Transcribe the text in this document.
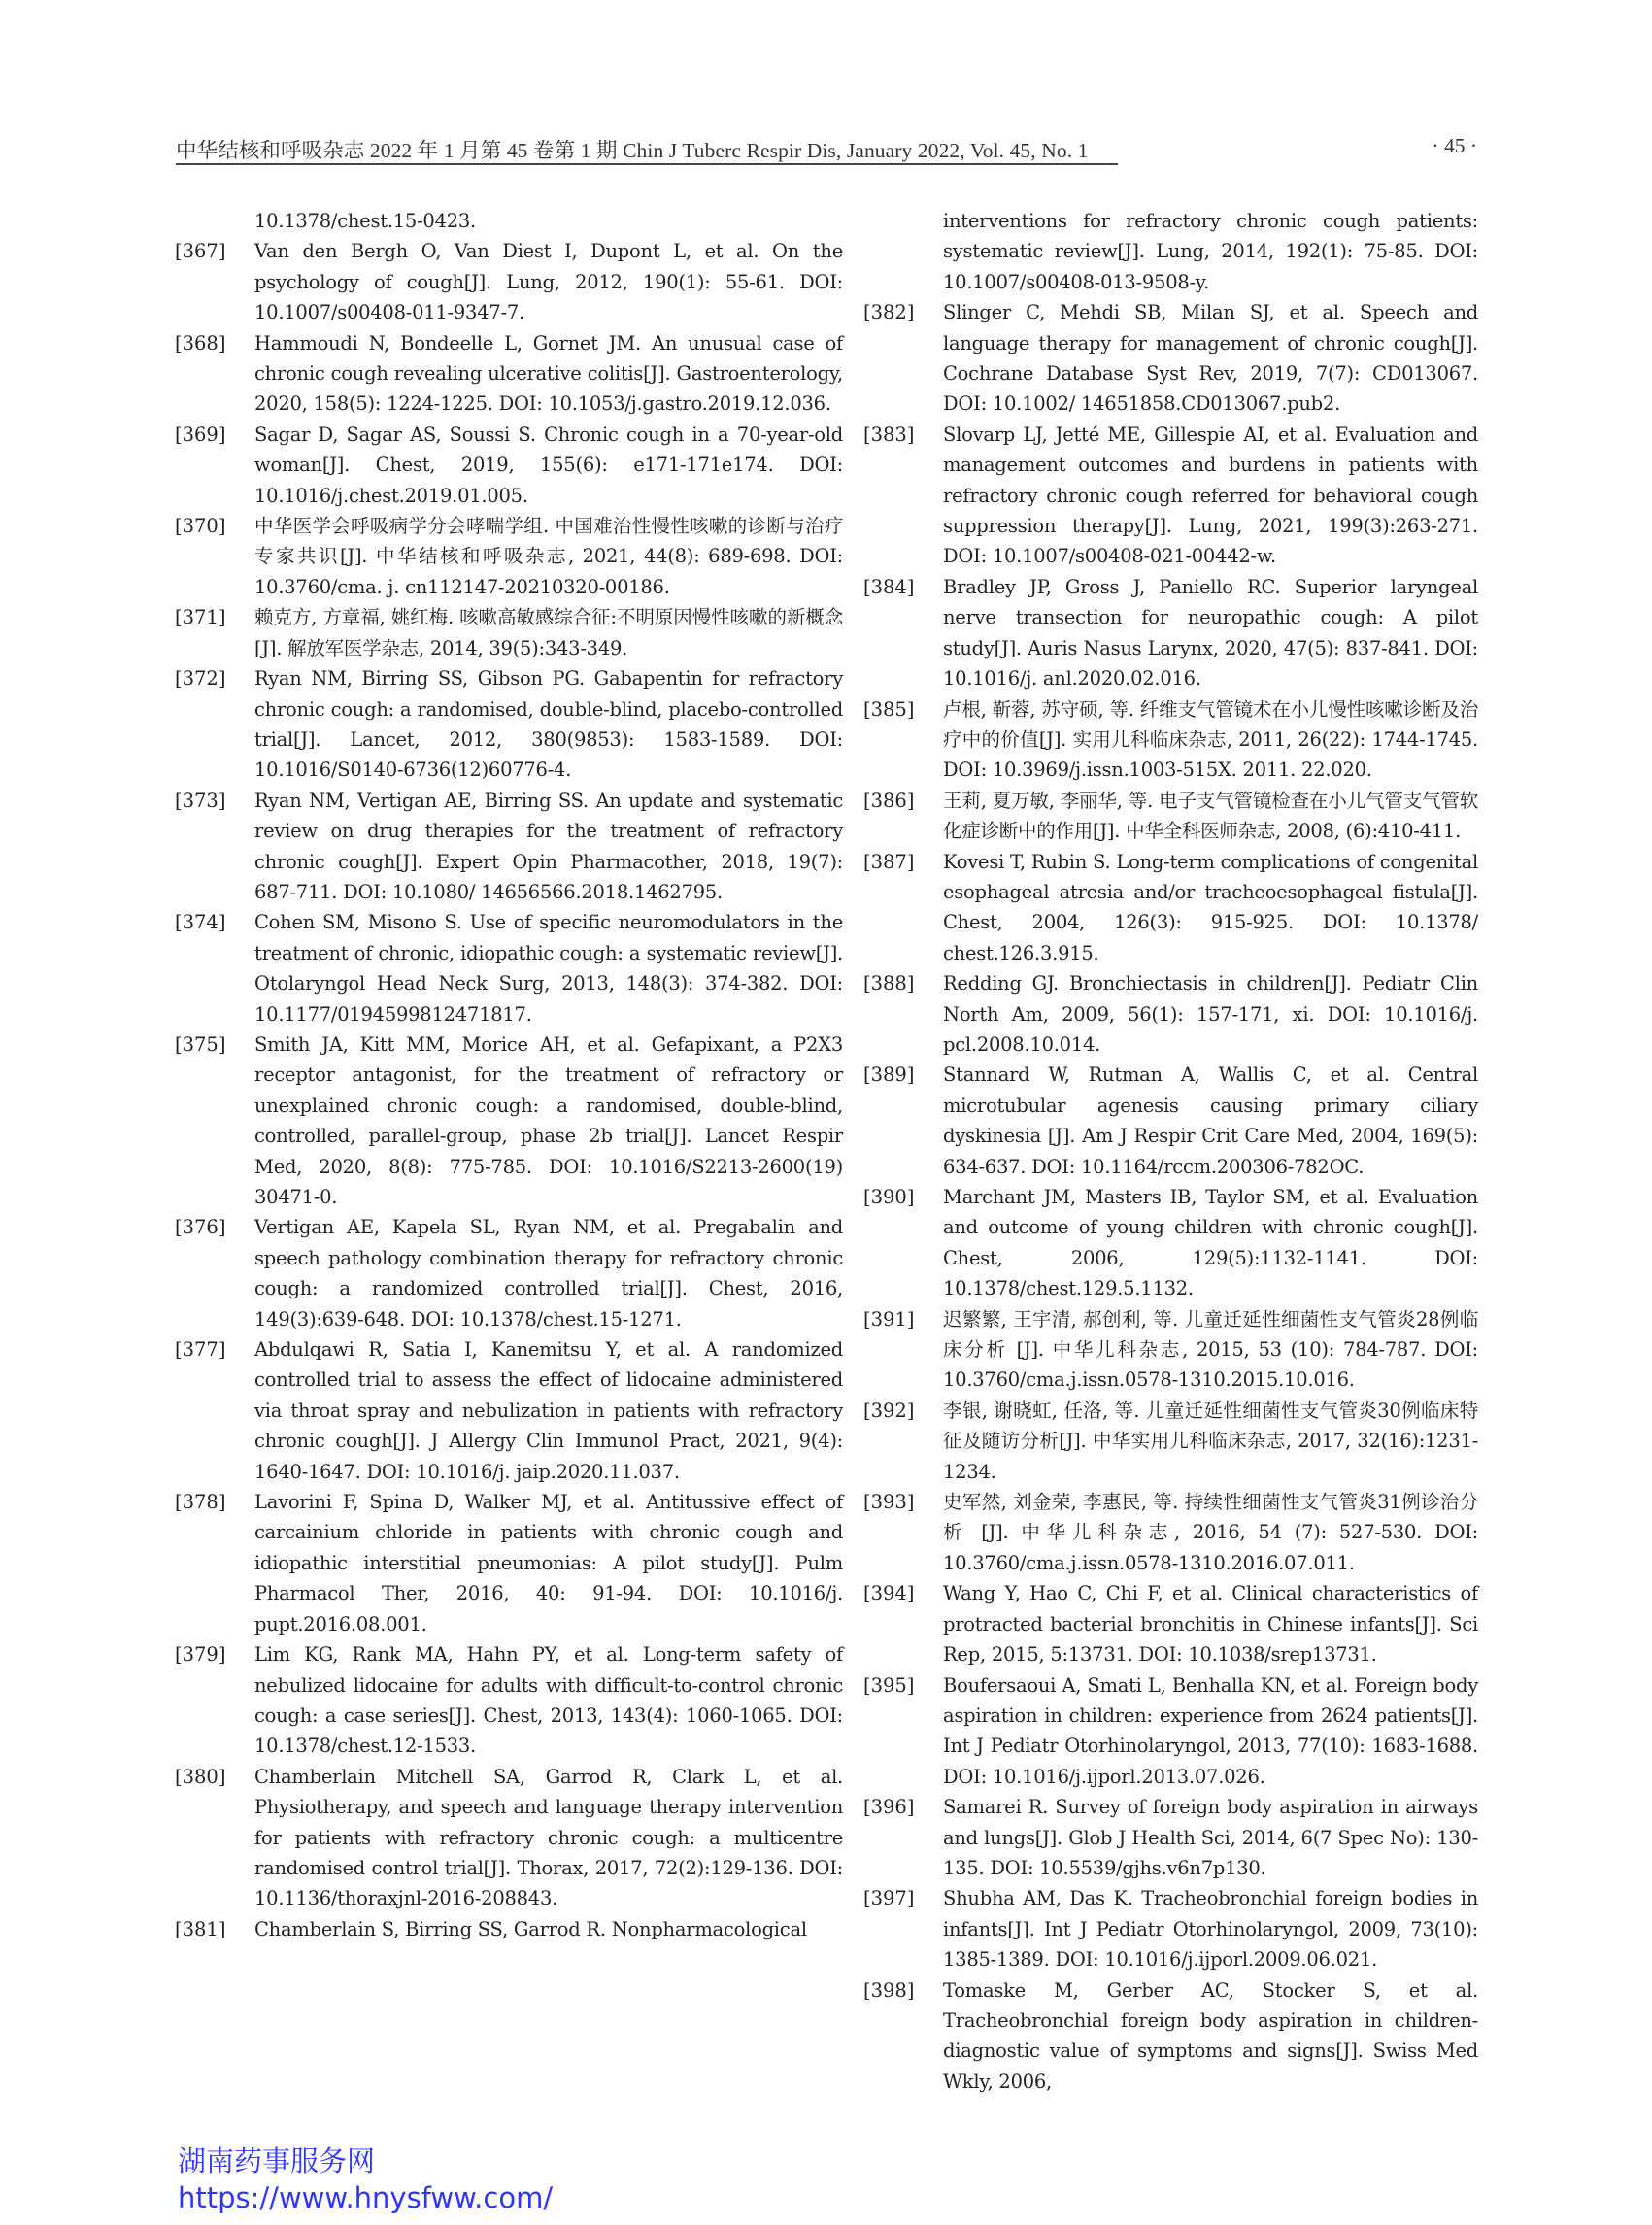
中华结核和呼吸杂志 2022 年 1 月第 45 卷第 1 期 Chin J Tuberc Respir Dis, January 2022, Vol. 45, No. 1	· 45 ·
10.1378/chest.15-0423.
[367] Van den Bergh O, Van Diest I, Dupont L, et al. On the psychology of cough[J]. Lung, 2012, 190(1): 55-61. DOI: 10.1007/s00408-011-9347-7.
[368] Hammoudi N, Bondeelle L, Gornet JM. An unusual case of chronic cough revealing ulcerative colitis[J]. Gastroenterology, 2020, 158(5): 1224-1225. DOI: 10.1053/j.gastro.2019.12.036.
[369] Sagar D, Sagar AS, Soussi S. Chronic cough in a 70-year-old woman[J]. Chest, 2019, 155(6): e171-171e174. DOI: 10.1016/j.chest.2019.01.005.
[370] 中华医学会呼吸病学分会哮喘学组. 中国难治性慢性咳嗽的诊断与治疗专家共识[J]. 中华结核和呼吸杂志, 2021, 44(8): 689-698. DOI: 10.3760/cma. j. cn112147-20210320-00186.
[371] 赖克方, 方章福, 姚红梅. 咳嗽高敏感综合征:不明原因慢性咳嗽的新概念[J]. 解放军医学杂志, 2014, 39(5):343-349.
[372] Ryan NM, Birring SS, Gibson PG. Gabapentin for refractory chronic cough: a randomised, double-blind, placebo-controlled trial[J]. Lancet, 2012, 380(9853): 1583-1589. DOI: 10.1016/S0140-6736(12)60776-4.
[373] Ryan NM, Vertigan AE, Birring SS. An update and systematic review on drug therapies for the treatment of refractory chronic cough[J]. Expert Opin Pharmacother, 2018, 19(7): 687-711. DOI: 10.1080/ 14656566.2018.1462795.
[374] Cohen SM, Misono S. Use of specific neuromodulators in the treatment of chronic, idiopathic cough: a systematic review[J]. Otolaryngol Head Neck Surg, 2013, 148(3): 374-382. DOI: 10.1177/0194599812471817.
[375] Smith JA, Kitt MM, Morice AH, et al. Gefapixant, a P2X3 receptor antagonist, for the treatment of refractory or unexplained chronic cough: a randomised, double-blind, controlled, parallel-group, phase 2b trial[J]. Lancet Respir Med, 2020, 8(8): 775-785. DOI: 10.1016/S2213-2600(19) 30471-0.
[376] Vertigan AE, Kapela SL, Ryan NM, et al. Pregabalin and speech pathology combination therapy for refractory chronic cough: a randomized controlled trial[J]. Chest, 2016, 149(3):639-648. DOI: 10.1378/chest.15-1271.
[377] Abdulqawi R, Satia I, Kanemitsu Y, et al. A randomized controlled trial to assess the effect of lidocaine administered via throat spray and nebulization in patients with refractory chronic cough[J]. J Allergy Clin Immunol Pract, 2021, 9(4): 1640-1647. DOI: 10.1016/j. jaip.2020.11.037.
[378] Lavorini F, Spina D, Walker MJ, et al. Antitussive effect of carcainium chloride in patients with chronic cough and idiopathic interstitial pneumonias: A pilot study[J]. Pulm Pharmacol Ther, 2016, 40: 91-94. DOI: 10.1016/j. pupt.2016.08.001.
[379] Lim KG, Rank MA, Hahn PY, et al. Long-term safety of nebulized lidocaine for adults with difficult-to-control chronic cough: a case series[J]. Chest, 2013, 143(4): 1060-1065. DOI: 10.1378/chest.12-1533.
[380] Chamberlain Mitchell SA, Garrod R, Clark L, et al. Physiotherapy, and speech and language therapy intervention for patients with refractory chronic cough: a multicentre randomised control trial[J]. Thorax, 2017, 72(2):129-136. DOI: 10.1136/thoraxjnl-2016-208843.
[381] Chamberlain S, Birring SS, Garrod R. Nonpharmacological
interventions for refractory chronic cough patients: systematic review[J]. Lung, 2014, 192(1): 75-85. DOI: 10.1007/s00408-013-9508-y.
[382] Slinger C, Mehdi SB, Milan SJ, et al. Speech and language therapy for management of chronic cough[J]. Cochrane Database Syst Rev, 2019, 7(7): CD013067. DOI: 10.1002/ 14651858.CD013067.pub2.
[383] Slovarp LJ, Jetté ME, Gillespie AI, et al. Evaluation and management outcomes and burdens in patients with refractory chronic cough referred for behavioral cough suppression therapy[J]. Lung, 2021, 199(3):263-271. DOI: 10.1007/s00408-021-00442-w.
[384] Bradley JP, Gross J, Paniello RC. Superior laryngeal nerve transection for neuropathic cough: A pilot study[J]. Auris Nasus Larynx, 2020, 47(5): 837-841. DOI: 10.1016/j. anl.2020.02.016.
[385] 卢根, 靳蓉, 苏守硕, 等. 纤维支气管镜术在小儿慢性咳嗽诊断及治疗中的价值[J]. 实用儿科临床杂志, 2011, 26(22): 1744-1745. DOI: 10.3969/j.issn.1003-515X. 2011. 22.020.
[386] 王莉, 夏万敏, 李丽华, 等. 电子支气管镜检查在小儿气管支气管软化症诊断中的作用[J]. 中华全科医师杂志, 2008, (6):410-411.
[387] Kovesi T, Rubin S. Long-term complications of congenital esophageal atresia and/or tracheoesophageal fistula[J]. Chest, 2004, 126(3): 915-925. DOI: 10.1378/ chest.126.3.915.
[388] Redding GJ. Bronchiectasis in children[J]. Pediatr Clin North Am, 2009, 56(1): 157-171, xi. DOI: 10.1016/j. pcl.2008.10.014.
[389] Stannard W, Rutman A, Wallis C, et al. Central microtubular agenesis causing primary ciliary dyskinesia [J]. Am J Respir Crit Care Med, 2004, 169(5): 634-637. DOI: 10.1164/rccm.200306-782OC.
[390] Marchant JM, Masters IB, Taylor SM, et al. Evaluation and outcome of young children with chronic cough[J]. Chest, 2006, 129(5):1132-1141. DOI: 10.1378/chest.129.5.1132.
[391] 迟繁繁, 王宇清, 郝创利, 等. 儿童迁延性细菌性支气管炎28例临床分析 [J]. 中华儿科杂志, 2015, 53 (10): 784-787. DOI: 10.3760/cma.j.issn.0578-1310.2015.10.016.
[392] 李银, 谢晓虹, 任洛, 等. 儿童迁延性细菌性支气管炎30例临床特征及随访分析[J]. 中华实用儿科临床杂志, 2017, 32(16):1231-1234.
[393] 史军然, 刘金荣, 李惠民, 等. 持续性细菌性支气管炎31例诊治分析 [J]. 中华儿科杂志, 2016, 54 (7): 527-530. DOI: 10.3760/cma.j.issn.0578-1310.2016.07.011.
[394] Wang Y, Hao C, Chi F, et al. Clinical characteristics of protracted bacterial bronchitis in Chinese infants[J]. Sci Rep, 2015, 5:13731. DOI: 10.1038/srep13731.
[395] Boufersaoui A, Smati L, Benhalla KN, et al. Foreign body aspiration in children: experience from 2624 patients[J]. Int J Pediatr Otorhinolaryngol, 2013, 77(10): 1683-1688. DOI: 10.1016/j.ijporl.2013.07.026.
[396] Samarei R. Survey of foreign body aspiration in airways and lungs[J]. Glob J Health Sci, 2014, 6(7 Spec No): 130-135. DOI: 10.5539/gjhs.v6n7p130.
[397] Shubha AM, Das K. Tracheobronchial foreign bodies in infants[J]. Int J Pediatr Otorhinolaryngol, 2009, 73(10): 1385-1389. DOI: 10.1016/j.ijporl.2009.06.021.
[398] Tomaske M, Gerber AC, Stocker S, et al. Tracheobronchial foreign body aspiration in children-diagnostic value of symptoms and signs[J]. Swiss Med Wkly, 2006,
湖南药事服务网
https://www.hnysfww.com/
